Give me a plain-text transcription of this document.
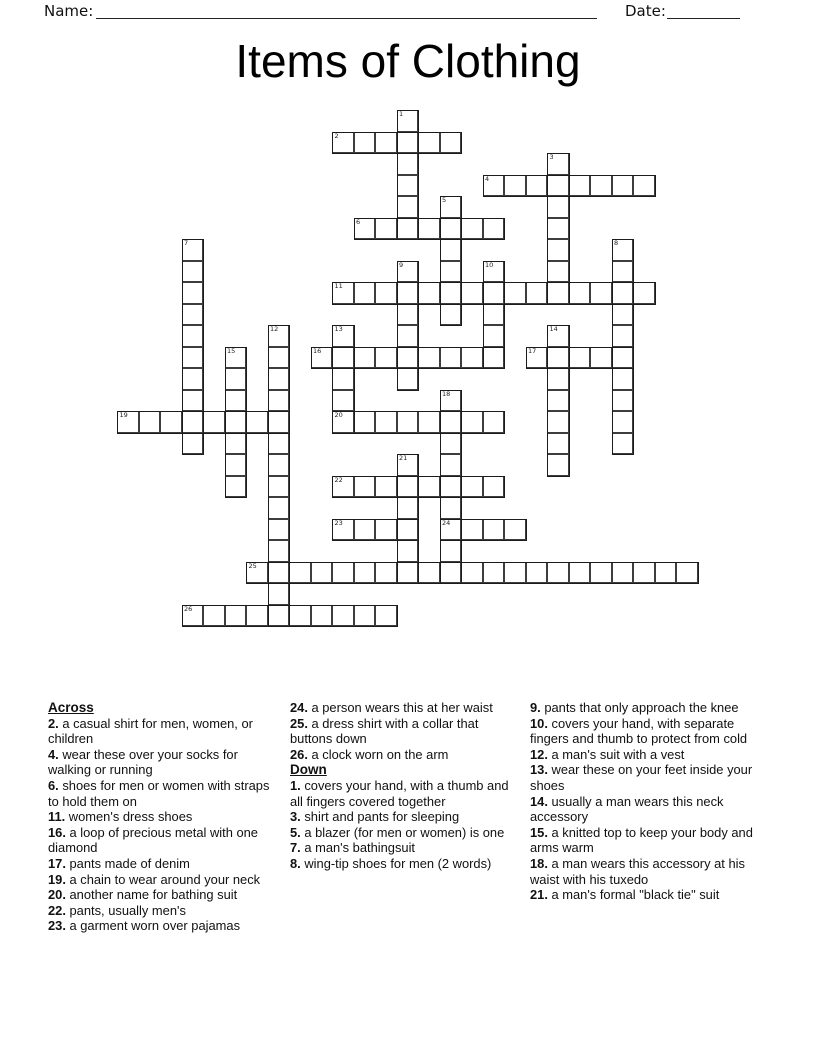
Name:	Date:
Items of Clothing
2
4
6
11
16	17
19	20
22
23	24
25
26
1
3
5
7	8
9	10
12	13	14
15
18
21
Across
2. a casual shirt for men, women, or children
4. wear these over your socks for walking or running
6. shoes for men or women with straps to hold them on
11. women's dress shoes
16. a loop of precious metal with one diamond
17. pants made of denim
19. a chain to wear around your neck
20. another name for bathing suit
22. pants, usually men's
23. a garment worn over pajamas
24. a person wears this at her waist
25. a dress shirt with a collar that buttons down
26. a clock worn on the arm
Down
1. covers your hand, with a thumb and all fingers covered together
3. shirt and pants for sleeping
5. a blazer (for men or women) is one
7. a man's bathingsuit
8. wing-tip shoes for men (2 words)
9. pants that only approach the knee
10. covers your hand, with separate fingers and thumb to protect from cold
12. a man's suit with a vest
13. wear these on your feet inside your shoes
14. usually a man wears this neck accessory
15. a knitted top to keep your body and arms warm
18. a man wears this accessory at his waist with his tuxedo
21. a man's formal "black tie" suit
